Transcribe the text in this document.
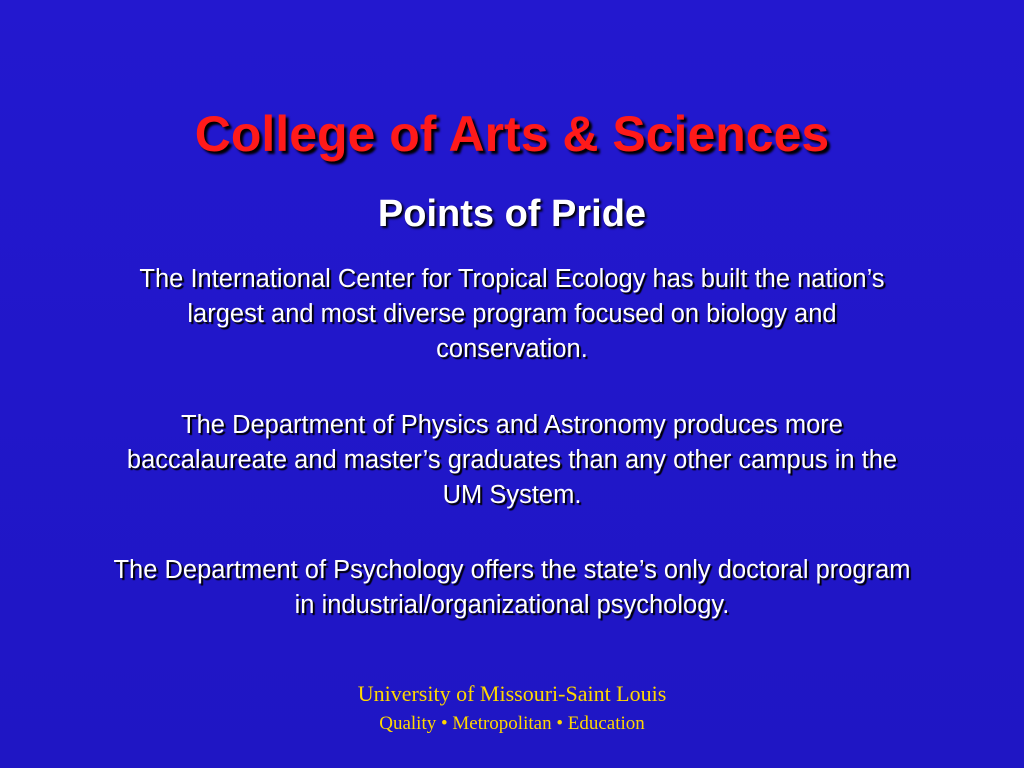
College of Arts & Sciences
Points of Pride

The International Center for Tropical Ecology has built the nation’s largest and most diverse program focused on biology and conservation.

The Department of Physics and Astronomy produces more baccalaureate and master’s graduates than any other campus in the UM System.

The Department of Psychology offers the state’s only doctoral program in industrial/organizational psychology.

University of Missouri-Saint Louis

Quality • Metropolitan • Education
